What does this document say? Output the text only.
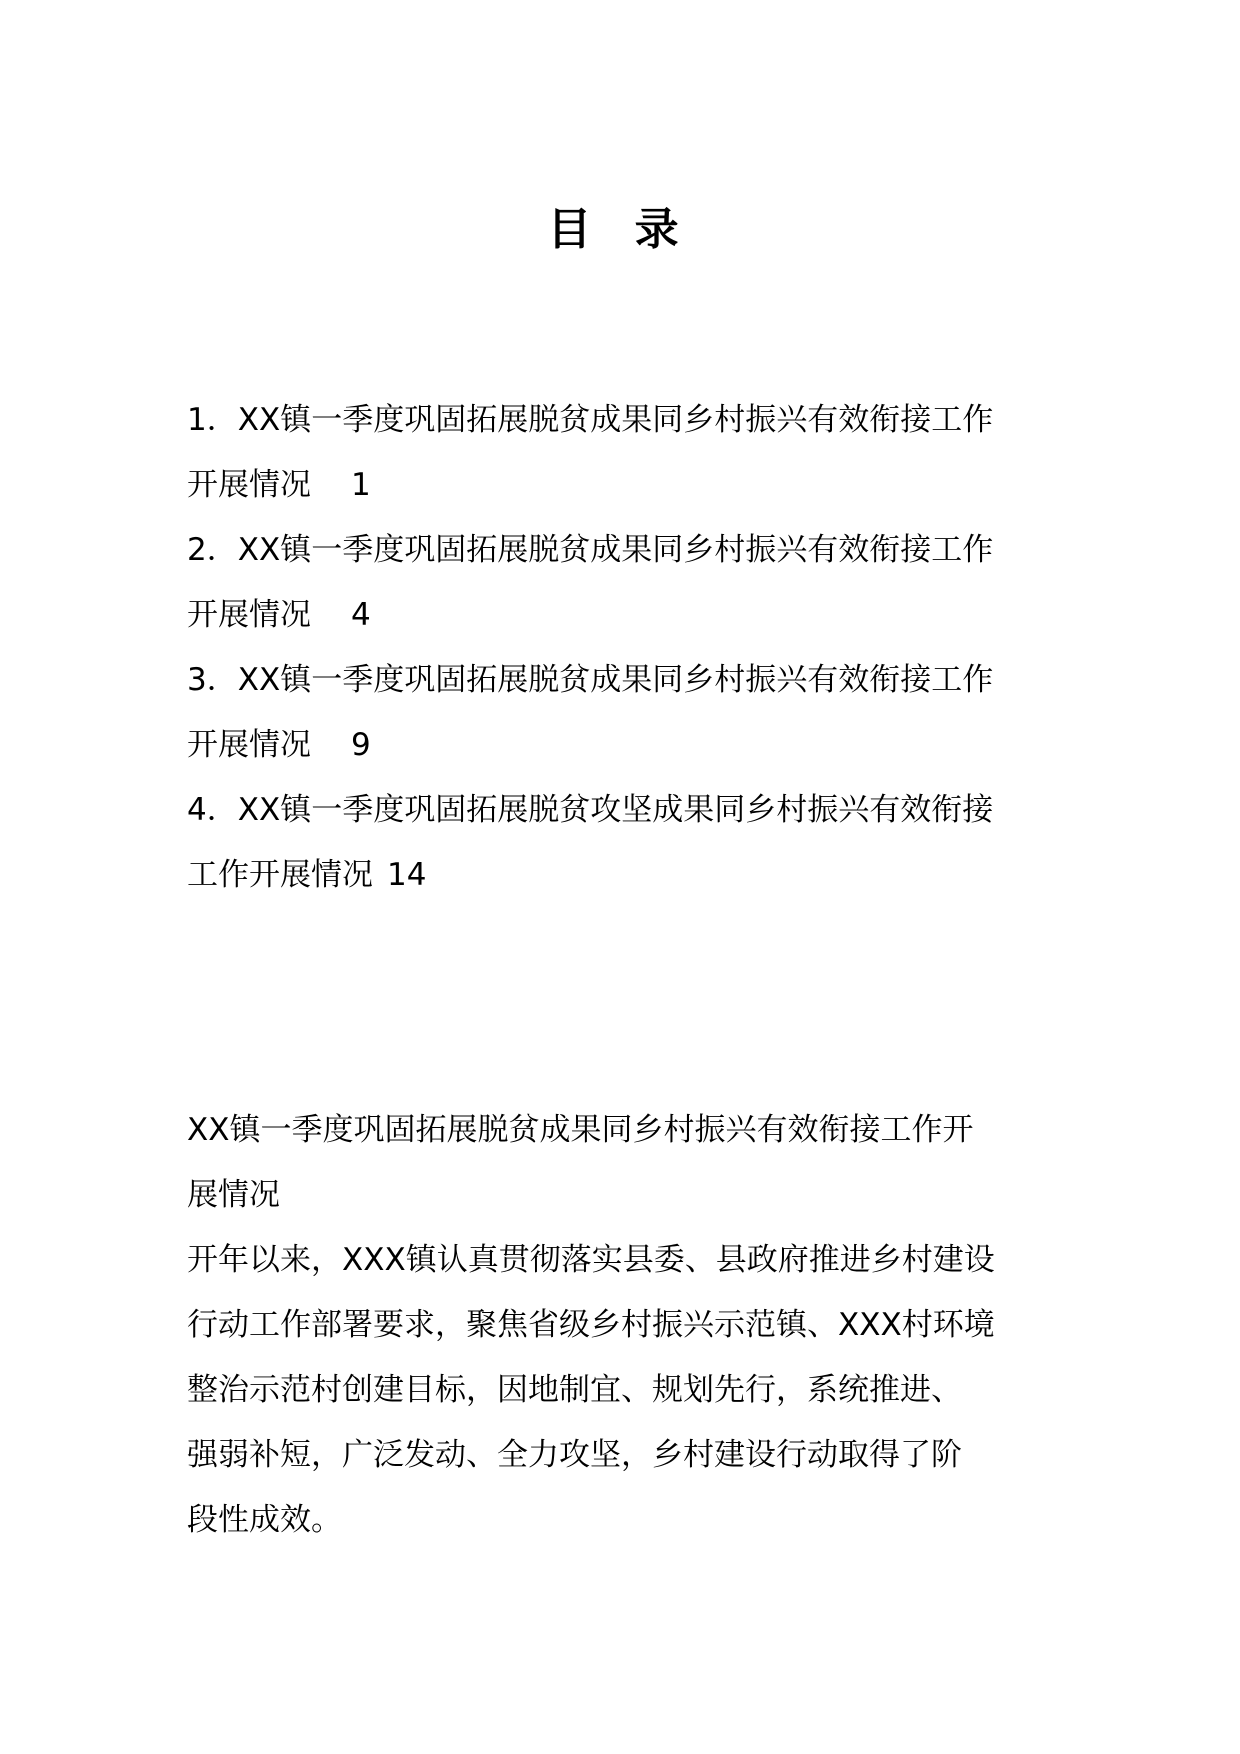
目 录
1．XX镇一季度巩固拓展脱贫成果同乡村振兴有效衔接工作
开展情况 1
2．XX镇一季度巩固拓展脱贫成果同乡村振兴有效衔接工作
开展情况 4
3．XX镇一季度巩固拓展脱贫成果同乡村振兴有效衔接工作
开展情况 9
4．XX镇一季度巩固拓展脱贫攻坚成果同乡村振兴有效衔接
工作开展情况 14
XX镇一季度巩固拓展脱贫成果同乡村振兴有效衔接工作开
展情况

开年以来，XXX镇认真贯彻落实县委、县政府推进乡村建设
行动工作部署要求，聚焦省级乡村振兴示范镇、XXX村环境
整治示范村创建目标，因地制宜、规划先行，系统推进、
强弱补短，广泛发动、全力攻坚，乡村建设行动取得了阶
段性成效。
